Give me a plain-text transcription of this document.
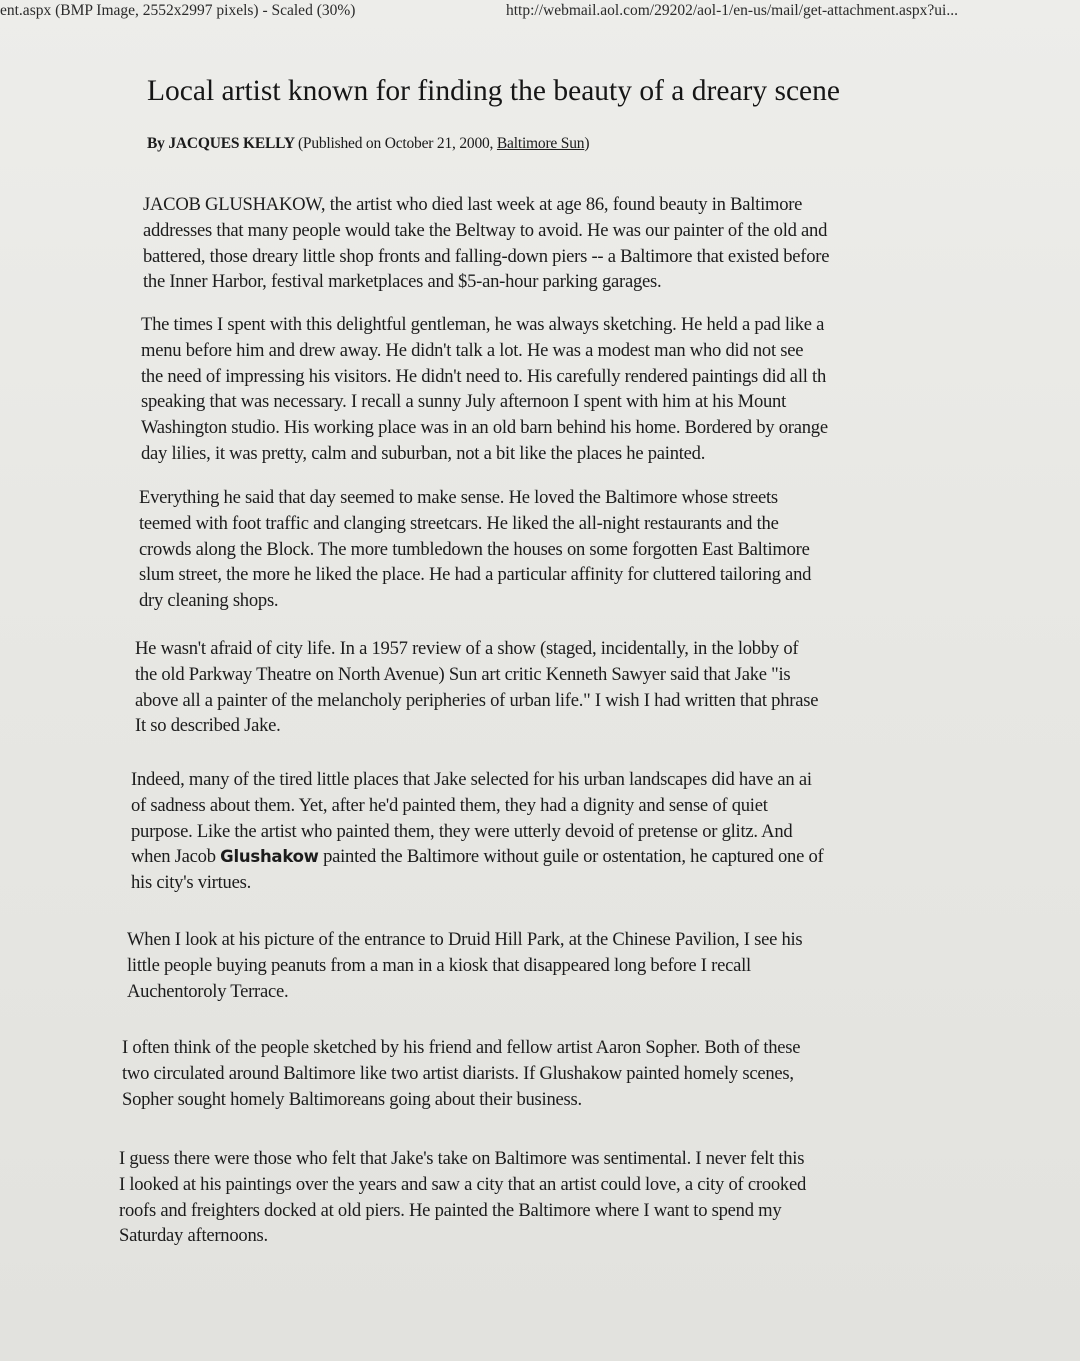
ent.aspx (BMP Image, 2552x2997 pixels) - Scaled (30%)	http://webmail.aol.com/29202/aol-1/en-us/mail/get-attachment.aspx?ui...
Local artist known for finding the beauty of a dreary scene
By JACQUES KELLY (Published on October 21, 2000, Baltimore Sun)
JACOB GLUSHAKOW, the artist who died last week at age 86, found beauty in Baltimore
addresses that many people would take the Beltway to avoid. He was our painter of the old and
battered, those dreary little shop fronts and falling-down piers -- a Baltimore that existed before
the Inner Harbor, festival marketplaces and $5-an-hour parking garages.
The times I spent with this delightful gentleman, he was always sketching. He held a pad like a
menu before him and drew away. He didn't talk a lot. He was a modest man who did not see
the need of impressing his visitors. He didn't need to. His carefully rendered paintings did all th
speaking that was necessary. I recall a sunny July afternoon I spent with him at his Mount
Washington studio. His working place was in an old barn behind his home. Bordered by orange
day lilies, it was pretty, calm and suburban, not a bit like the places he painted.
Everything he said that day seemed to make sense. He loved the Baltimore whose streets
teemed with foot traffic and clanging streetcars. He liked the all-night restaurants and the
crowds along the Block. The more tumbledown the houses on some forgotten East Baltimore
slum street, the more he liked the place. He had a particular affinity for cluttered tailoring and
dry cleaning shops.
He wasn't afraid of city life. In a 1957 review of a show (staged, incidentally, in the lobby of
the old Parkway Theatre on North Avenue) Sun art critic Kenneth Sawyer said that Jake "is
above all a painter of the melancholy peripheries of urban life." I wish I had written that phrase
It so described Jake.
Indeed, many of the tired little places that Jake selected for his urban landscapes did have an ai
of sadness about them. Yet, after he'd painted them, they had a dignity and sense of quiet
purpose. Like the artist who painted them, they were utterly devoid of pretense or glitz. And
when Jacob Glushakow painted the Baltimore without guile or ostentation, he captured one of
his city's virtues.
When I look at his picture of the entrance to Druid Hill Park, at the Chinese Pavilion, I see his
little people buying peanuts from a man in a kiosk that disappeared long before I recall
Auchentoroly Terrace.
I often think of the people sketched by his friend and fellow artist Aaron Sopher. Both of these
two circulated around Baltimore like two artist diarists. If Glushakow painted homely scenes,
Sopher sought homely Baltimoreans going about their business.
I guess there were those who felt that Jake's take on Baltimore was sentimental. I never felt this
I looked at his paintings over the years and saw a city that an artist could love, a city of crooked
roofs and freighters docked at old piers. He painted the Baltimore where I want to spend my
Saturday afternoons.
